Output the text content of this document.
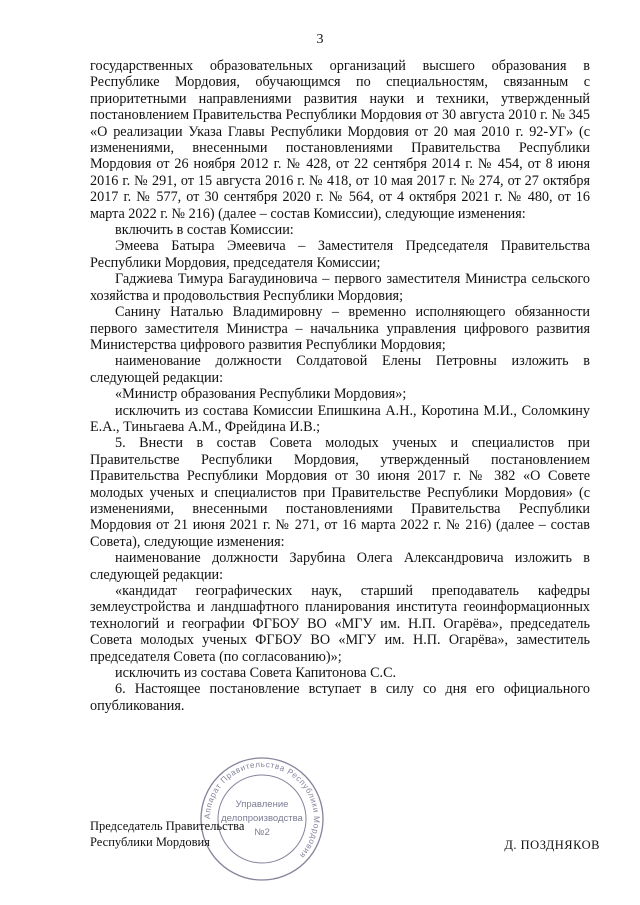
3

государственных образовательных организаций высшего образования в Республике Мордовия, обучающимся по специальностям, связанным с приоритетными направлениями развития науки и техники, утвержденный постановлением Правительства Республики Мордовия от 30 августа 2010 г. № 345 «О реализации Указа Главы Республики Мордовия от 20 мая 2010 г. 92-УГ» (с изменениями, внесенными постановлениями Правительства Республики Мордовия от 26 ноября 2012 г. № 428, от 22 сентября 2014 г. № 454, от 8 июня 2016 г. № 291, от 15 августа 2016 г. № 418, от 10 мая 2017 г. № 274, от 27 октября 2017 г. № 577, от 30 сентября 2020 г. № 564, от 4 октября 2021 г. № 480, от 16 марта 2022 г. № 216) (далее – состав Комиссии), следующие изменения:

включить в состав Комиссии:

Эмеева Батыра Эмеевича – Заместителя Председателя Правительства Республики Мордовия, председателя Комиссии;

Гаджиева Тимура Багаудиновича – первого заместителя Министра сельского хозяйства и продовольствия Республики Мордовия;

Санину Наталью Владимировну – временно исполняющего обязанности первого заместителя Министра – начальника управления цифрового развития Министерства цифрового развития Республики Мордовия;

наименование должности Солдатовой Елены Петровны изложить в следующей редакции:

«Министр образования Республики Мордовия»;

исключить из состава Комиссии Епишкина А.Н., Коротина М.И., Соломкину Е.А., Тиньгаева А.М., Фрейдина И.В.;

5. Внести в состав Совета молодых ученых и специалистов при Правительстве Республики Мордовия, утвержденный постановлением Правительства Республики Мордовия от 30 июня 2017 г. № 382 «О Совете молодых ученых и специалистов при Правительстве Республики Мордовия» (с изменениями, внесенными постановлениями Правительства Республики Мордовия от 21 июня 2021 г. № 271, от 16 марта 2022 г. № 216) (далее – состав Совета), следующие изменения:

наименование должности Зарубина Олега Александровича изложить в следующей редакции:

«кандидат географических наук, старший преподаватель кафедры землеустройства и ландшафтного планирования института геоинформационных технологий и географии ФГБОУ ВО «МГУ им. Н.П. Огарёва», председатель Совета молодых ученых ФГБОУ ВО «МГУ им. Н.П. Огарёва», заместитель председателя Совета (по согласованию)»;

исключить из состава Совета Капитонова С.С.

6. Настоящее постановление вступает в силу со дня его официального опубликования.

Аппарат Правительства Республики Мордовия
Управление
делопроизводства
№2
Председатель Правительства
Республики Мордовия	Д. ПОЗДНЯКОВ
